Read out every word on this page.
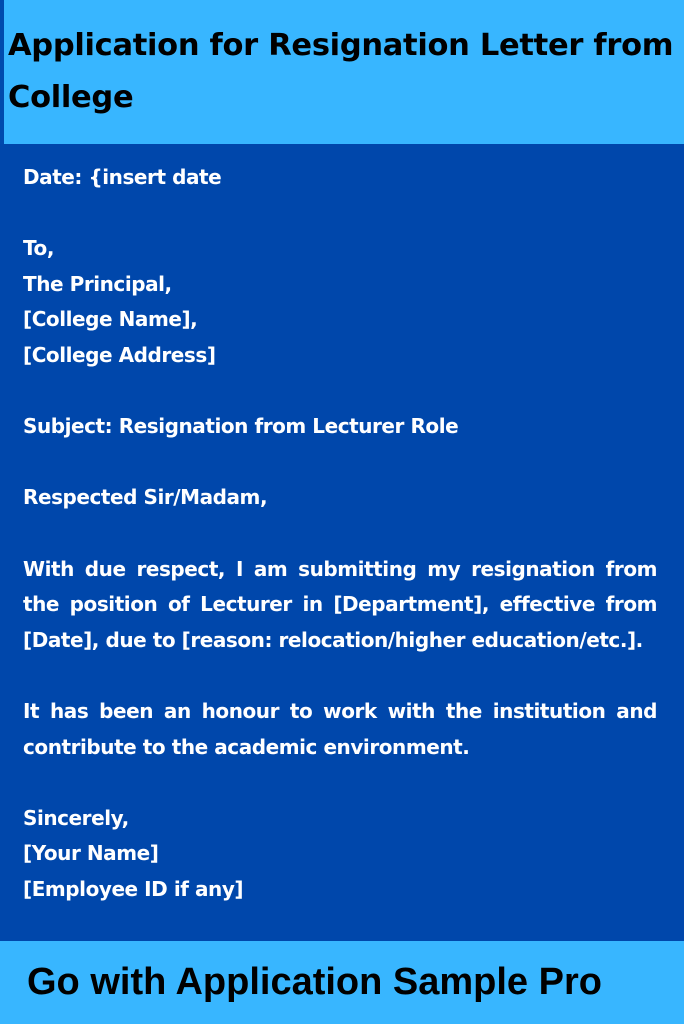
Application for Resignation Letter from College
Date: {insert date
To,
The Principal,
[College Name],
[College Address]
Subject: Resignation from Lecturer Role
Respected Sir/Madam,

With due respect, I am submitting my resignation from the position of Lecturer in [Department], effective from [Date], due to [reason: relocation/higher education/etc.].

It has been an honour to work with the institution and contribute to the academic environment.

Sincerely,
[Your Name]
[Employee ID if any]

Go with Application Sample Pro
